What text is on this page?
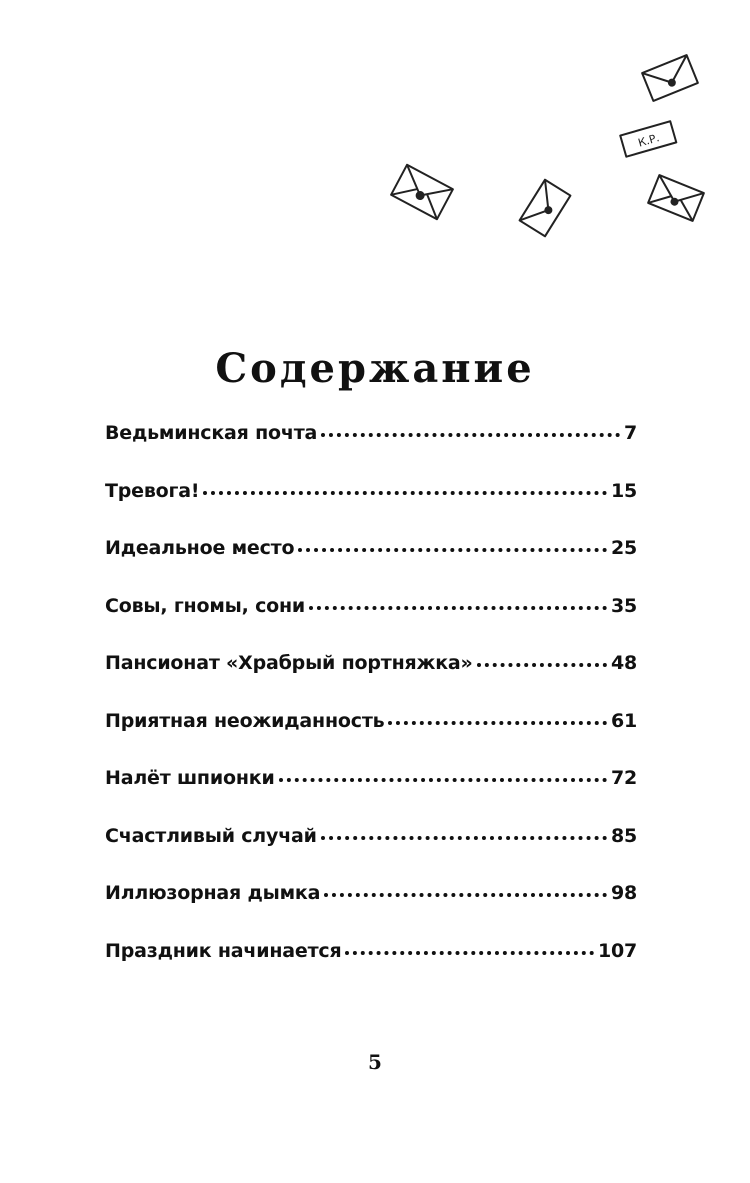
К.Р.
Содержание
Ведьминская почта	7
Тревога!	15
Идеальное место	25
Совы, гномы, сони	35
Пансионат «Храбрый портняжка»	48
Приятная неожиданность	61
Налёт шпионки	72
Счастливый случай	85
Иллюзорная дымка	98
Праздник начинается	107
5
